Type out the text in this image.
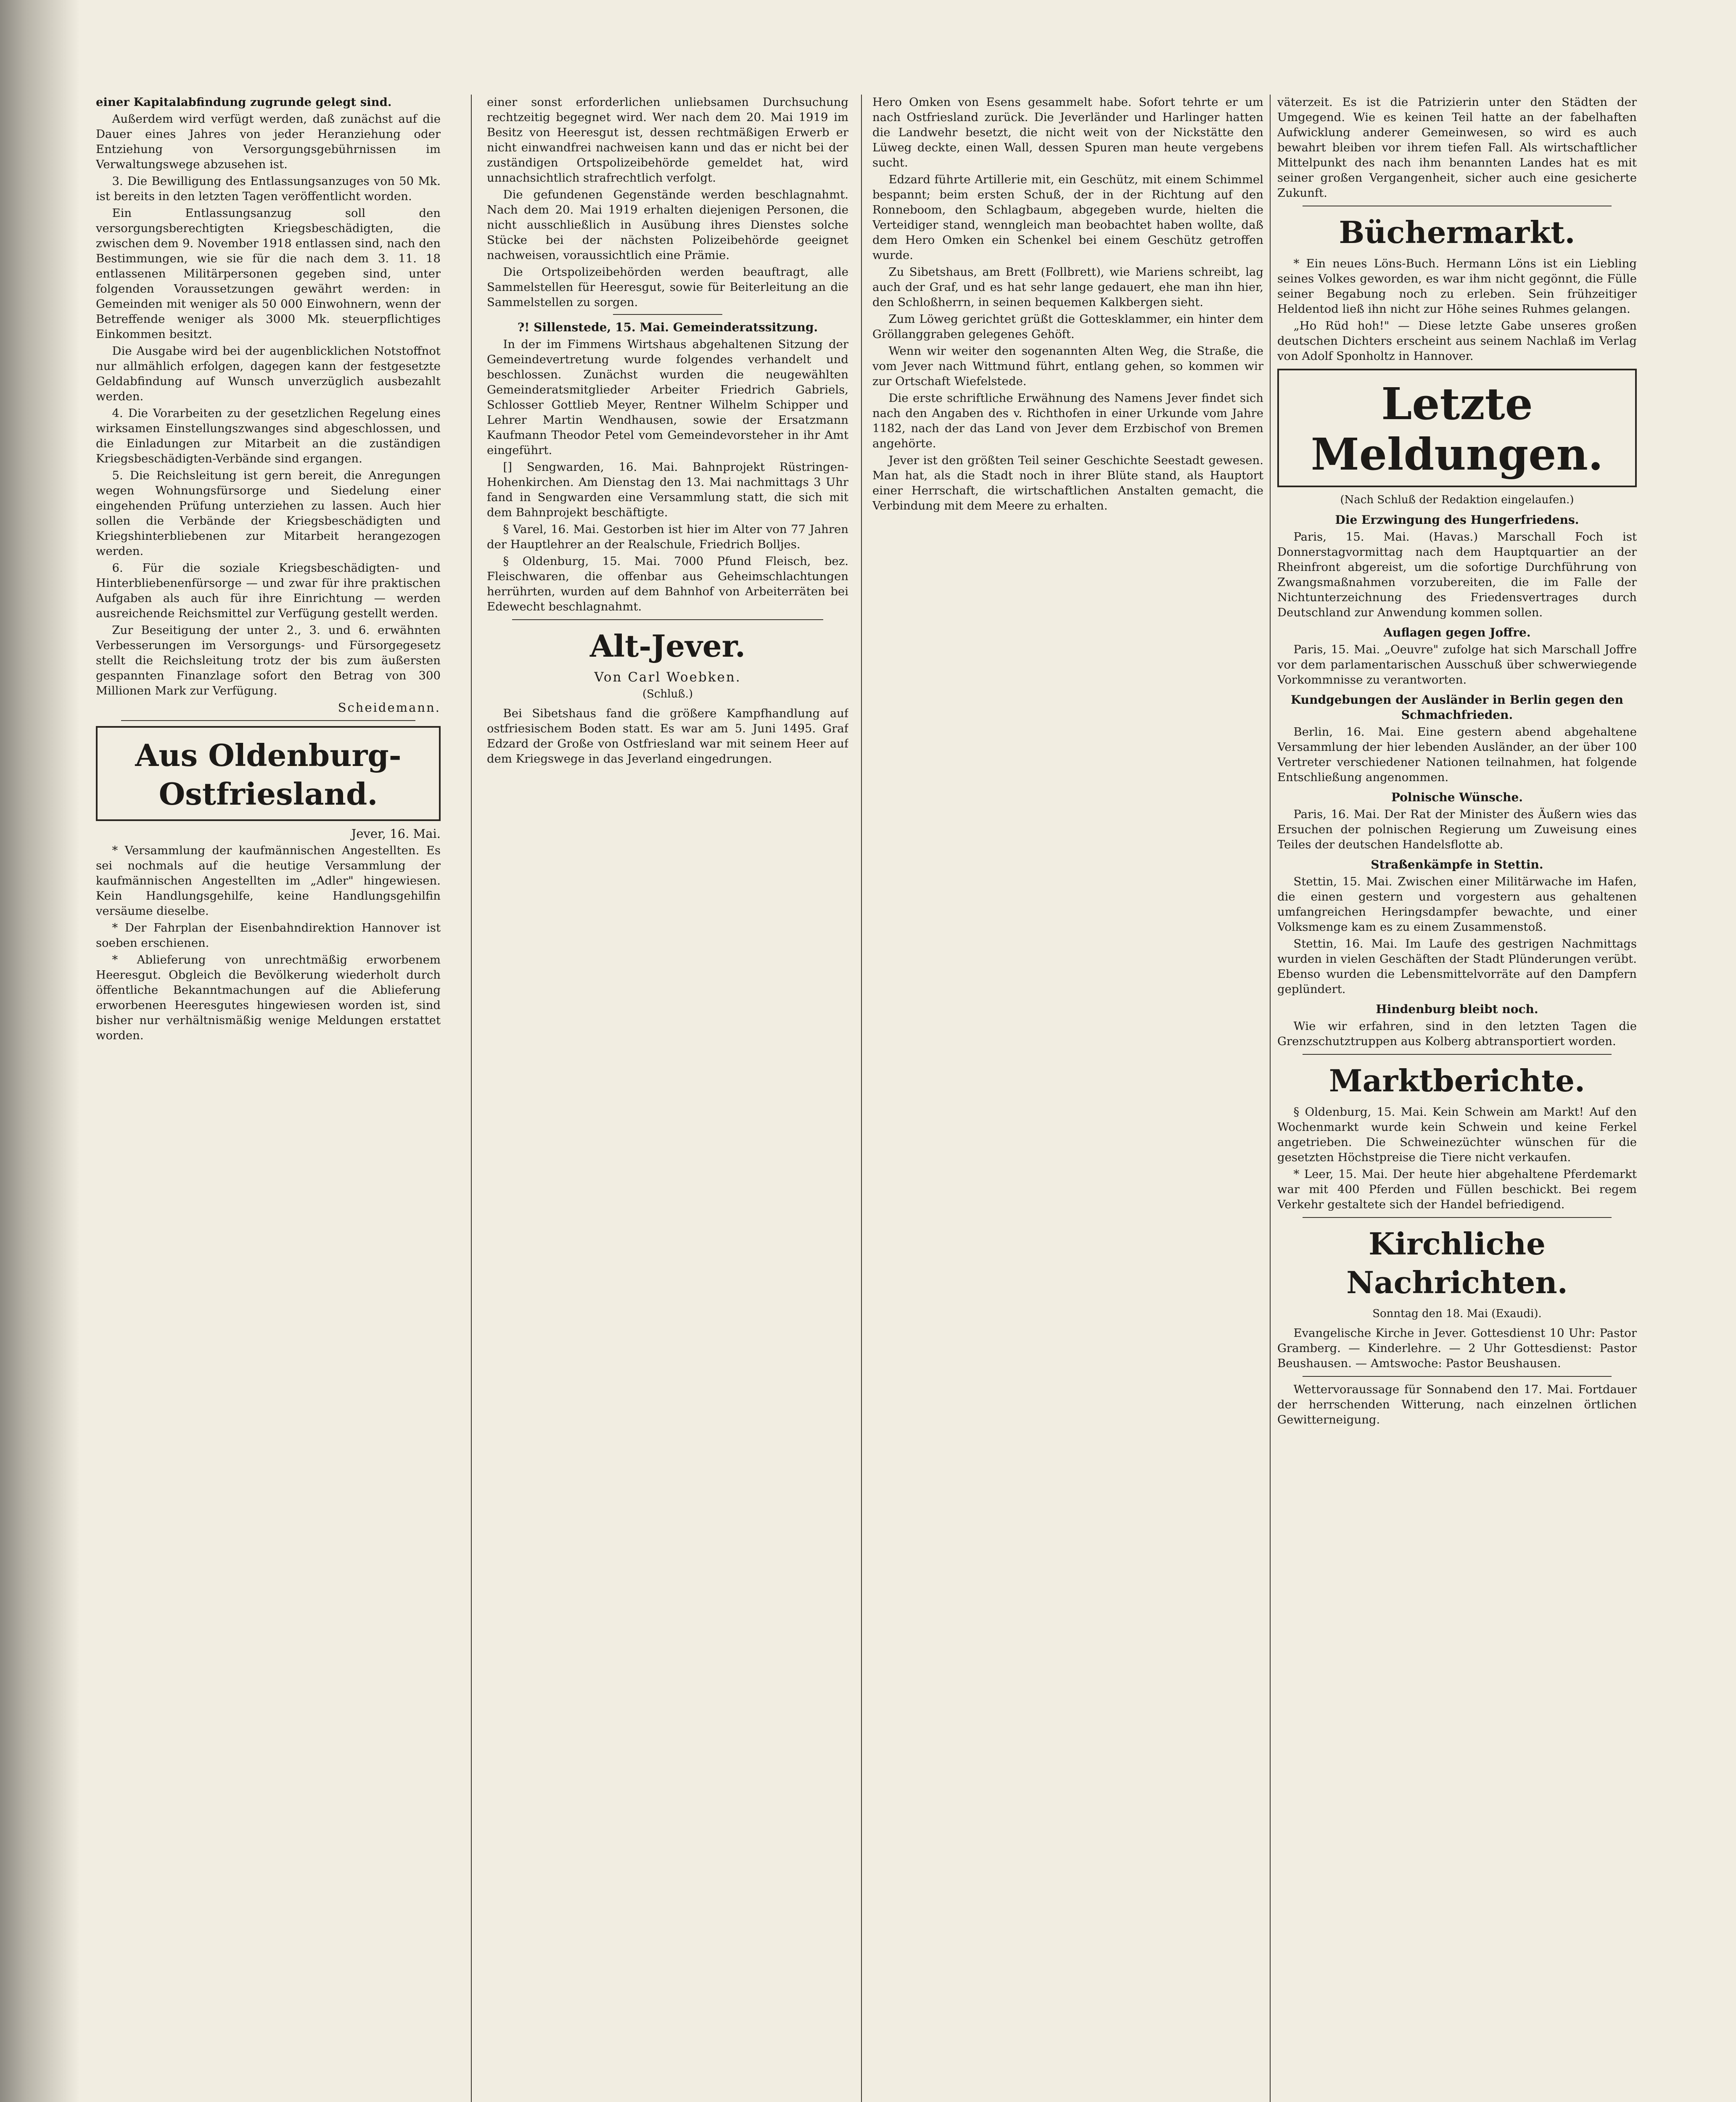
einer Kapitalabfindung zugrunde gelegt sind.

Außerdem wird verfügt werden, daß zunächst auf die Dauer eines Jahres von jeder Heranziehung oder Entziehung von Versorgungsgebührnissen im Verwaltungswege abzusehen ist.

3. Die Bewilligung des Entlassungsanzuges von 50 Mk. ist bereits in den letzten Tagen veröffentlicht worden.

Ein Entlassungsanzug soll den versorgungsberechtigten Kriegsbeschädigten, die zwischen dem 9. November 1918 entlassen sind, nach den Bestimmungen, wie sie für die nach dem 3. 11. 18 entlassenen Militärpersonen gegeben sind, unter folgenden Voraussetzungen gewährt werden: in Gemeinden mit weniger als 50 000 Einwohnern, wenn der Betreffende weniger als 3000 Mk. steuerpflichtiges Einkommen besitzt.

Die Ausgabe wird bei der augenblicklichen Notstoffnot nur allmählich erfolgen, dagegen kann der festgesetzte Geldabfindung auf Wunsch unverzüglich ausbezahlt werden.

4. Die Vorarbeiten zu der gesetzlichen Regelung eines wirksamen Einstellungszwanges sind abgeschlossen, und die Einladungen zur Mitarbeit an die zuständigen Kriegsbeschädigten-Verbände sind ergangen.

5. Die Reichsleitung ist gern bereit, die Anregungen wegen Wohnungsfürsorge und Siedelung einer eingehenden Prüfung unterziehen zu lassen. Auch hier sollen die Verbände der Kriegsbeschädigten und Kriegshinterbliebenen zur Mitarbeit herangezogen werden.

6. Für die soziale Kriegsbeschädigten- und Hinterbliebenenfürsorge — und zwar für ihre praktischen Aufgaben als auch für ihre Einrichtung — werden ausreichende Reichsmittel zur Verfügung gestellt werden.

Zur Beseitigung der unter 2., 3. und 6. erwähnten Verbesserungen im Versorgungs- und Fürsorgegesetz stellt die Reichsleitung trotz der bis zum äußersten gespannten Finanzlage sofort den Betrag von 300 Millionen Mark zur Verfügung.

Scheidemann.
Aus Oldenburg-Ostfriesland.
Jever, 16. Mai.

* Versammlung der kaufmännischen Angestellten. Es sei nochmals auf die heutige Versammlung der kaufmännischen Angestellten im „Adler" hingewiesen. Kein Handlungsgehilfe, keine Handlungsgehilfin versäume dieselbe.

* Der Fahrplan der Eisenbahndirektion Hannover ist soeben erschienen.

* Ablieferung von unrechtmäßig erworbenem Heeresgut. Obgleich die Bevölkerung wiederholt durch öffentliche Bekanntmachungen auf die Ablieferung erworbenen Heeresgutes hingewiesen worden ist, sind bisher nur verhältnismäßig wenige Meldungen erstattet worden.

einer sonst erforderlichen unliebsamen Durchsuchung rechtzeitig begegnet wird. Wer nach dem 20. Mai 1919 im Besitz von Heeresgut ist, dessen rechtmäßigen Erwerb er nicht einwandfrei nachweisen kann und das er nicht bei der zuständigen Ortspolizeibehörde gemeldet hat, wird unnachsichtlich strafrechtlich verfolgt.

Die gefundenen Gegenstände werden beschlagnahmt. Nach dem 20. Mai 1919 erhalten diejenigen Personen, die nicht ausschließlich in Ausübung ihres Dienstes solche Stücke bei der nächsten Polizeibehörde geeignet nachweisen, voraussichtlich eine Prämie.

Die Ortspolizeibehörden werden beauftragt, alle Sammelstellen für Heeresgut, sowie für Beiterleitung an die Sammelstellen zu sorgen.

?! Sillenstede, 15. Mai. Gemeinderatssitzung.

In der im Fimmens Wirtshaus abgehaltenen Sitzung der Gemeindevertretung wurde folgendes verhandelt und beschlossen. Zunächst wurden die neugewählten Gemeinderatsmitglieder Arbeiter Friedrich Gabriels, Schlosser Gottlieb Meyer, Rentner Wilhelm Schipper und Lehrer Martin Wendhausen, sowie der Ersatzmann Kaufmann Theodor Petel vom Gemeindevorsteher in ihr Amt eingeführt.

[] Sengwarden, 16. Mai. Bahnprojekt Rüstringen-Hohenkirchen. Am Dienstag den 13. Mai nachmittags 3 Uhr fand in Sengwarden eine Versammlung statt, die sich mit dem Bahnprojekt beschäftigte.

§ Varel, 16. Mai. Gestorben ist hier im Alter von 77 Jahren der Hauptlehrer an der Realschule, Friedrich Bolljes.

§ Oldenburg, 15. Mai. 7000 Pfund Fleisch, bez. Fleischwaren, die offenbar aus Geheimschlachtungen herrührten, wurden auf dem Bahnhof von Arbeiterräten bei Edewecht beschlagnahmt.

Alt-Jever.
Von Carl Woebken.
(Schluß.)

Bei Sibetshaus fand die größere Kampfhandlung auf ostfriesischem Boden statt. Es war am 5. Juni 1495. Graf Edzard der Große von Ostfriesland war mit seinem Heer auf dem Kriegswege in das Jeverland eingedrungen.

Hero Omken von Esens gesammelt habe. Sofort tehrte er um nach Ostfriesland zurück. Die Jeverländer und Harlinger hatten die Landwehr besetzt, die nicht weit von der Nickstätte den Lüweg deckte, einen Wall, dessen Spuren man heute vergebens sucht.

Edzard führte Artillerie mit, ein Geschütz, mit einem Schimmel bespannt; beim ersten Schuß, der in der Richtung auf den Ronneboom, den Schlagbaum, abgegeben wurde, hielten die Verteidiger stand, wenngleich man beobachtet haben wollte, daß dem Hero Omken ein Schenkel bei einem Geschütz getroffen wurde.

Zu Sibetshaus, am Brett (Follbrett), wie Mariens schreibt, lag auch der Graf, und es hat sehr lange gedauert, ehe man ihn hier, den Schloßherrn, in seinen bequemen Kalkbergen sieht.

Zum Löweg gerichtet grüßt die Gottesklammer, ein hinter dem Gröllanggraben gelegenes Gehöft.

Wenn wir weiter den sogenannten Alten Weg, die Straße, die vom Jever nach Wittmund führt, entlang gehen, so kommen wir zur Ortschaft Wiefelstede.

Die erste schriftliche Erwähnung des Namens Jever findet sich nach den Angaben des v. Richthofen in einer Urkunde vom Jahre 1182, nach der das Land von Jever dem Erzbischof von Bremen angehörte.

Jever ist den größten Teil seiner Geschichte Seestadt gewesen. Man hat, als die Stadt noch in ihrer Blüte stand, als Hauptort einer Herrschaft, die wirtschaftlichen Anstalten gemacht, die Verbindung mit dem Meere zu erhalten.

väterzeit. Es ist die Patrizierin unter den Städten der Umgegend. Wie es keinen Teil hatte an der fabelhaften Aufwicklung anderer Gemeinwesen, so wird es auch bewahrt bleiben vor ihrem tiefen Fall. Als wirtschaftlicher Mittelpunkt des nach ihm benannten Landes hat es mit seiner großen Vergangenheit, sicher auch eine gesicherte Zukunft.

Büchermarkt.

* Ein neues Löns-Buch. Hermann Löns ist ein Liebling seines Volkes geworden, es war ihm nicht gegönnt, die Fülle seiner Begabung noch zu erleben. Sein frühzeitiger Heldentod ließ ihn nicht zur Höhe seines Ruhmes gelangen.

„Ho Rüd hoh!" — Diese letzte Gabe unseres großen deutschen Dichters erscheint aus seinem Nachlaß im Verlag von Adolf Sponholtz in Hannover.

Letzte Meldungen.
(Nach Schluß der Redaktion eingelaufen.)
Die Erzwingung des Hungerfriedens.

Paris, 15. Mai. (Havas.) Marschall Foch ist Donnerstagvormittag nach dem Hauptquartier an der Rheinfront abgereist, um die sofortige Durchführung von Zwangsmaßnahmen vorzubereiten, die im Falle der Nichtunterzeichnung des Friedensvertrages durch Deutschland zur Anwendung kommen sollen.

Auflagen gegen Joffre.

Paris, 15. Mai. „Oeuvre" zufolge hat sich Marschall Joffre vor dem parlamentarischen Ausschuß über schwerwiegende Vorkommnisse zu verantworten.

Kundgebungen der Ausländer in Berlin gegen den Schmachfrieden.

Berlin, 16. Mai. Eine gestern abend abgehaltene Versammlung der hier lebenden Ausländer, an der über 100 Vertreter verschiedener Nationen teilnahmen, hat folgende Entschließung angenommen.

Polnische Wünsche.

Paris, 16. Mai. Der Rat der Minister des Äußern wies das Ersuchen der polnischen Regierung um Zuweisung eines Teiles der deutschen Handelsflotte ab.

Straßenkämpfe in Stettin.

Stettin, 15. Mai. Zwischen einer Militärwache im Hafen, die einen gestern und vorgestern aus gehaltenen umfangreichen Heringsdampfer bewachte, und einer Volksmenge kam es zu einem Zusammenstoß.

Stettin, 16. Mai. Im Laufe des gestrigen Nachmittags wurden in vielen Geschäften der Stadt Plünderungen verübt. Ebenso wurden die Lebensmittelvorräte auf den Dampfern geplündert.

Hindenburg bleibt noch.

Wie wir erfahren, sind in den letzten Tagen die Grenzschutztruppen aus Kolberg abtransportiert worden.

Marktberichte.

§ Oldenburg, 15. Mai. Kein Schwein am Markt! Auf den Wochenmarkt wurde kein Schwein und keine Ferkel angetrieben. Die Schweinezüchter wünschen für die gesetzten Höchstpreise die Tiere nicht verkaufen.

* Leer, 15. Mai. Der heute hier abgehaltene Pferdemarkt war mit 400 Pferden und Füllen beschickt. Bei regem Verkehr gestaltete sich der Handel befriedigend.

Kirchliche Nachrichten.
Sonntag den 18. Mai (Exaudi).

Evangelische Kirche in Jever. Gottesdienst 10 Uhr: Pastor Gramberg. — Kinderlehre. — 2 Uhr Gottesdienst: Pastor Beushausen. — Amtswoche: Pastor Beushausen.

Wettervoraussage für Sonnabend den 17. Mai. Fortdauer der herrschenden Witterung, nach einzelnen örtlichen Gewitterneigung.
